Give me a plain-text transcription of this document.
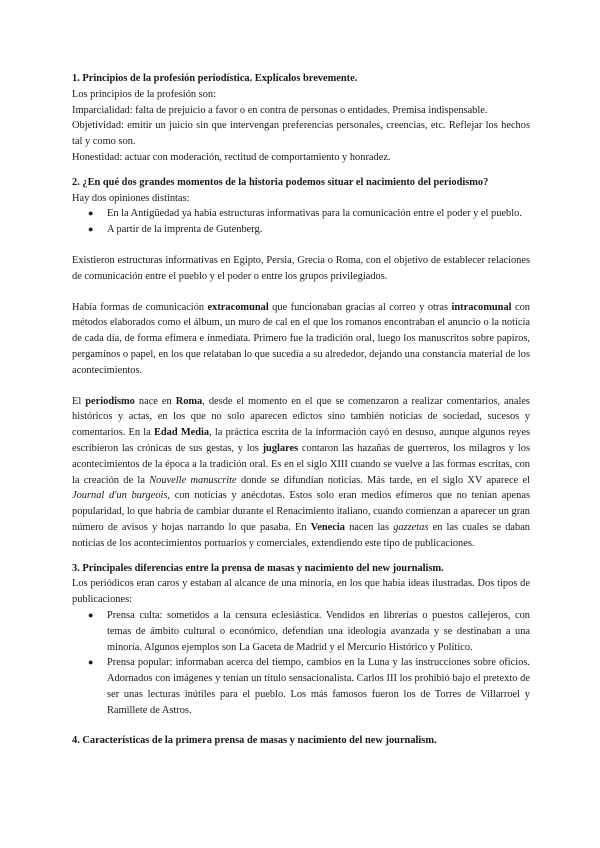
1. Principios de la profesión periodística. Explícalos brevemente.

Los principios de la profesión son:

Imparcialidad: falta de prejuicio a favor o en contra de personas o entidades. Premisa indispensable.

Objetividad: emitir un juicio sin que intervengan preferencias personales, creencias, etc. Reflejar los hechos tal y como son.

Honestidad: actuar con moderación, rectitud de comportamiento y honradez.

2. ¿En qué dos grandes momentos de la historia podemos situar el nacimiento del periodismo?

Hay dos opiniones distintas:

● En la Antigüedad ya había estructuras informativas para la comunicación entre el poder y el pueblo.
● A partir de la imprenta de Gutenberg.

Existieron estructuras informativas en Egipto, Persia, Grecia o Roma, con el objetivo de establecer relaciones de comunicación entre el pueblo y el poder o entre los grupos privilegiados.

Había formas de comunicación extracomunal que funcionaban gracias al correo y otras intracomunal con métodos elaborados como el álbum, un muro de cal en el que los romanos encontraban el anuncio o la noticia de cada día, de forma efímera e inmediata. Primero fue la tradición oral, luego los manuscritos sobre papiros, pergaminos o papel, en los que relataban lo que sucedía a su alrededor, dejando una constancia material de los acontecimientos.

El periodismo nace en Roma, desde el momento en el que se comenzaron a realizar comentarios, anales históricos y actas, en los que no solo aparecen edictos sino también noticias de sociedad, sucesos y comentarios. En la Edad Media, la práctica escrita de la información cayó en desuso, aunque algunos reyes escribieron las crónicas de sus gestas, y los juglares contaron las hazañas de guerreros, los milagros y los acontecimientos de la época a la tradición oral. Es en el siglo XIII cuando se vuelve a las formas escritas, con la creación de la Nouvelle manuscrite donde se difundían noticias. Más tarde, en el siglo XV aparece el Journal d'un burgeois, con noticias y anécdotas. Estos solo eran medios efímeros que no tenían apenas popularidad, lo que habría de cambiar durante el Renacimiento italiano, cuando comienzan a aparecer un gran número de avisos y hojas narrando lo que pasaba. En Venecia nacen las gazzetas en las cuales se daban noticias de los acontecimientos portuarios y comerciales, extendiendo este tipo de publicaciones.

3. Principales diferencias entre la prensa de masas y nacimiento del new journalism.

Los periódicos eran caros y estaban al alcance de una minoría, en los que había ideas ilustradas. Dos tipos de publicaciones:

● Prensa culta: sometidos a la censura eclesiástica. Vendidos en librerías o puestos callejeros, con temas de ámbito cultural o económico, defendían una ideología avanzada y se destinaban a una minoría. Algunos ejemplos son La Gaceta de Madrid y el Mercurio Histórico y Político.
● Prensa popular: informaban acerca del tiempo, cambios en la Luna y las instrucciones sobre oficios. Adornados con imágenes y tenían un título sensacionalista. Carlos III los prohibió bajo el pretexto de ser unas lecturas inútiles para el pueblo. Los más famosos fueron los de Torres de Villarroel y Ramillete de Astros.

4. Características de la primera prensa de masas y nacimiento del new journalism.
